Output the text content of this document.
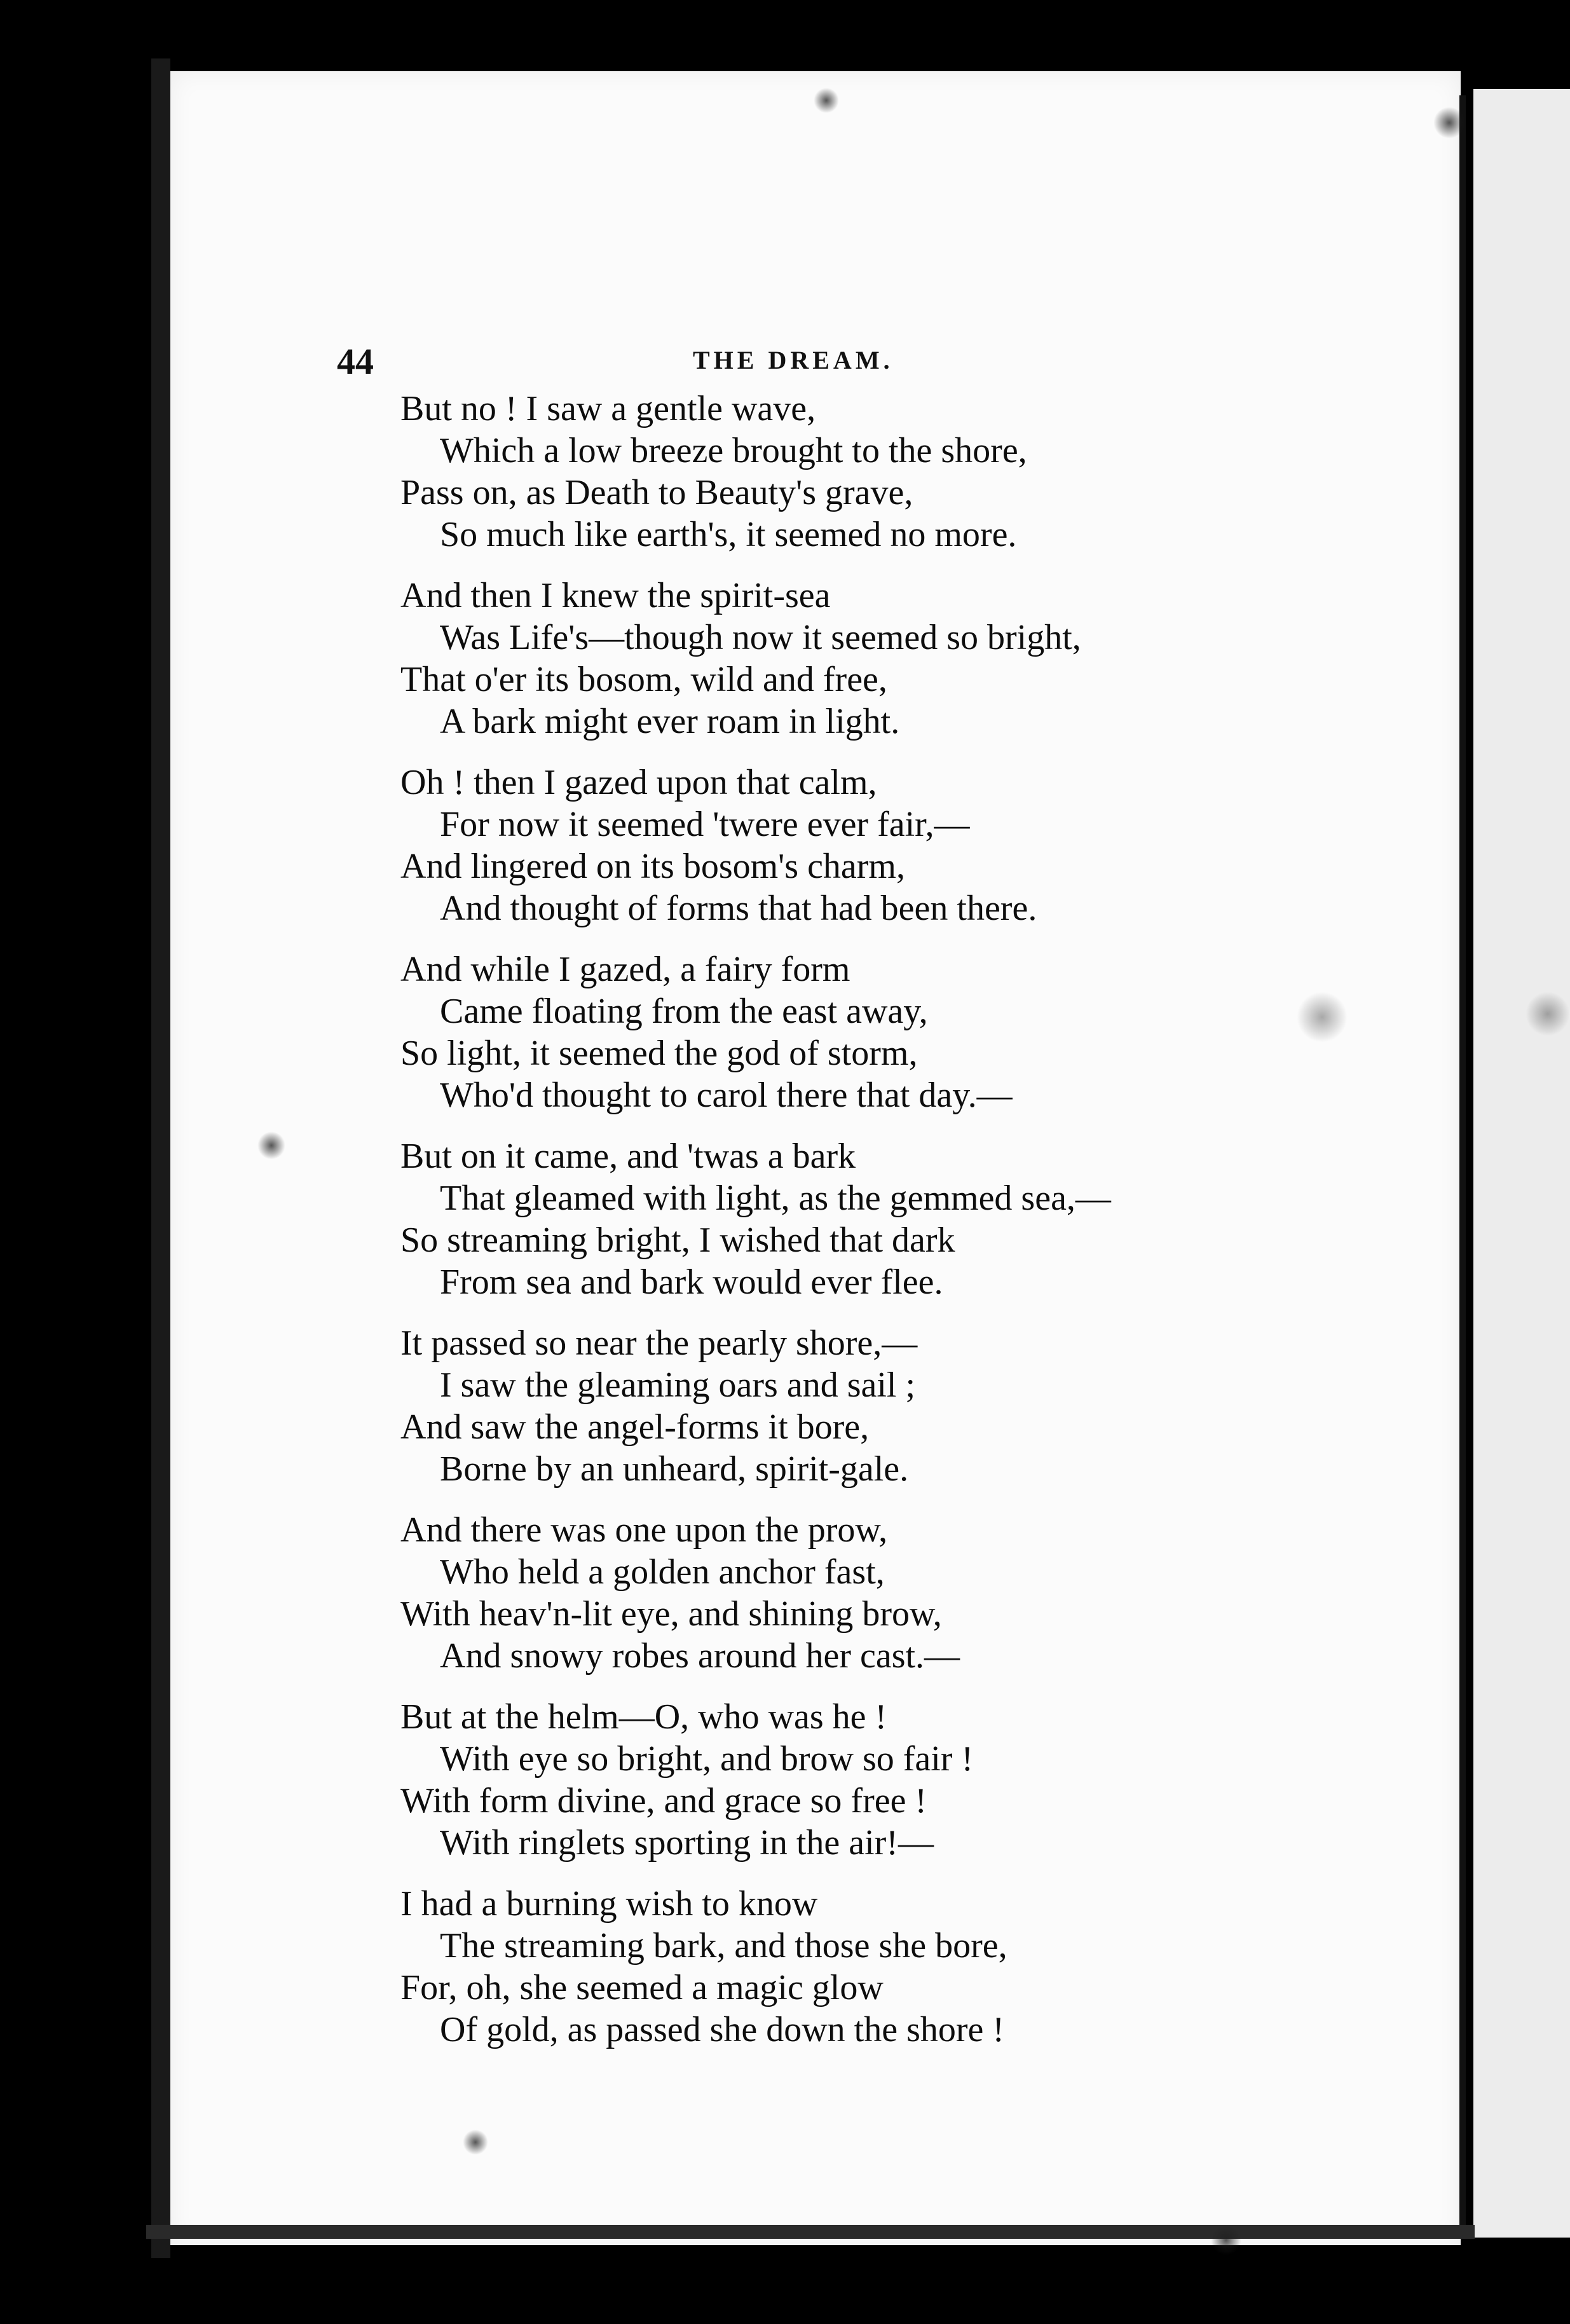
44	THE DREAM.
But no ! I saw a gentle wave,
Which a low breeze brought to the shore,
Pass on, as Death to Beauty's grave,
So much like earth's, it seemed no more.
And then I knew the spirit-sea
Was Life's—though now it seemed so bright,
That o'er its bosom, wild and free,
A bark might ever roam in light.
Oh ! then I gazed upon that calm,
For now it seemed 'twere ever fair,—
And lingered on its bosom's charm,
And thought of forms that had been there.
And while I gazed, a fairy form
Came floating from the east away,
So light, it seemed the god of storm,
Who'd thought to carol there that day.—
But on it came, and 'twas a bark
That gleamed with light, as the gemmed sea,—
So streaming bright, I wished that dark
From sea and bark would ever flee.
It passed so near the pearly shore,—
I saw the gleaming oars and sail ;
And saw the angel-forms it bore,
Borne by an unheard, spirit-gale.
And there was one upon the prow,
Who held a golden anchor fast,
With heav'n-lit eye, and shining brow,
And snowy robes around her cast.—
But at the helm—O, who was he !
With eye so bright, and brow so fair !
With form divine, and grace so free !
With ringlets sporting in the air!—
I had a burning wish to know
The streaming bark, and those she bore,
For, oh, she seemed a magic glow
Of gold, as passed she down the shore !
